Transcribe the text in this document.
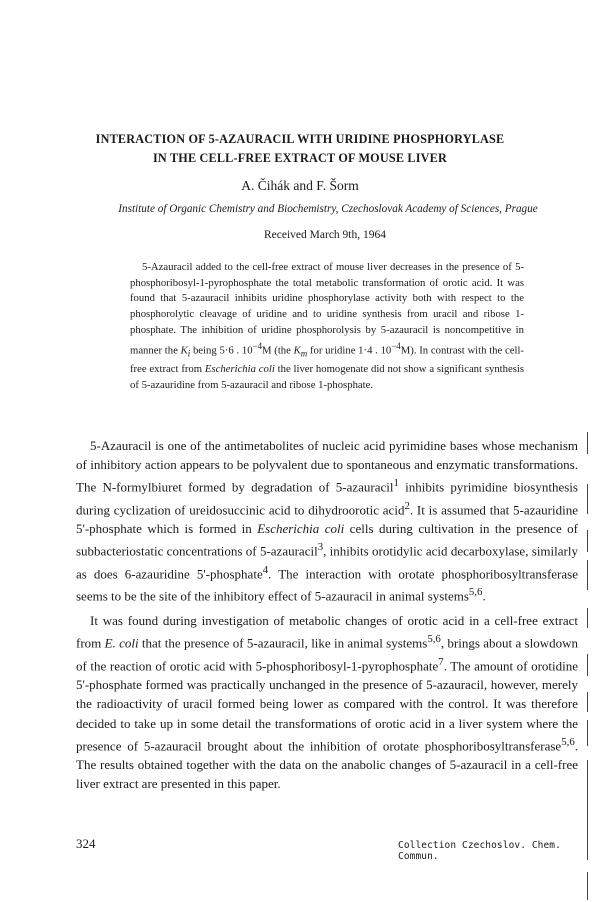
INTERACTION OF 5-AZAURACIL WITH URIDINE PHOSPHORYLASE
IN THE CELL-FREE EXTRACT OF MOUSE LIVER
A. Čihák and F. Šorm
Institute of Organic Chemistry and Biochemistry, Czechoslovak Academy of Sciences, Prague
Received March 9th, 1964

5-Azauracil added to the cell-free extract of mouse liver decreases in the presence of 5-phosphoribosyl-1-pyrophosphate the total metabolic transformation of orotic acid. It was found that 5-azauracil inhibits uridine phosphorylase activity both with respect to the phosphorolytic cleavage of uridine and to uridine synthesis from uracil and ribose 1-phosphate. The inhibition of uridine phosphorolysis by 5-azauracil is noncompetitive in manner the $K_i$ being 5·6 . $10^{-4}M$ (the $K_m$ for uridine 1·4 . $10^{-4}M$). In contrast with the cell-free extract from Escherichia coli the liver homogenate did not show a significant synthesis of 5-azauridine from 5-azauracil and ribose 1-phosphate.

5-Azauracil is one of the antimetabolites of nucleic acid pyrimidine bases whose mechanism of inhibitory action appears to be polyvalent due to spontaneous and enzymatic transformations. The N-formylbiuret formed by degradation of 5-azauracil$^1$ inhibits pyrimidine biosynthesis during cyclization of ureidosuccinic acid to dihydroorotic acid$^2$. It is assumed that 5-azauridine 5'-phosphate which is formed in Escherichia coli cells during cultivation in the presence of subbacteriostatic concentrations of 5-azauracil$^3$, inhibits orotidylic acid decarboxylase, similarly as does 6-azauridine 5'-phosphate$^4$. The interaction with orotate phosphoribosyltransferase seems to be the site of the inhibitory effect of 5-azauracil in animal systems$^{5,6}$.

It was found during investigation of metabolic changes of orotic acid in a cell-free extract from E. coli that the presence of 5-azauracil, like in animal systems$^{5,6}$, brings about a slowdown of the reaction of orotic acid with 5-phosphoribosyl-1-pyrophosphate$^7$. The amount of orotidine 5'-phosphate formed was practically unchanged in the presence of 5-azauracil, however, merely the radioactivity of uracil formed being lower as compared with the control. It was therefore decided to take up in some detail the transformations of orotic acid in a liver system where the presence of 5-azauracil brought about the inhibition of orotate phosphoribosyltransferase$^{5,6}$. The results obtained together with the data on the anabolic changes of 5-azauracil in a cell-free liver extract are presented in this paper.

324	Collection Czechoslov. Chem. Commun.
